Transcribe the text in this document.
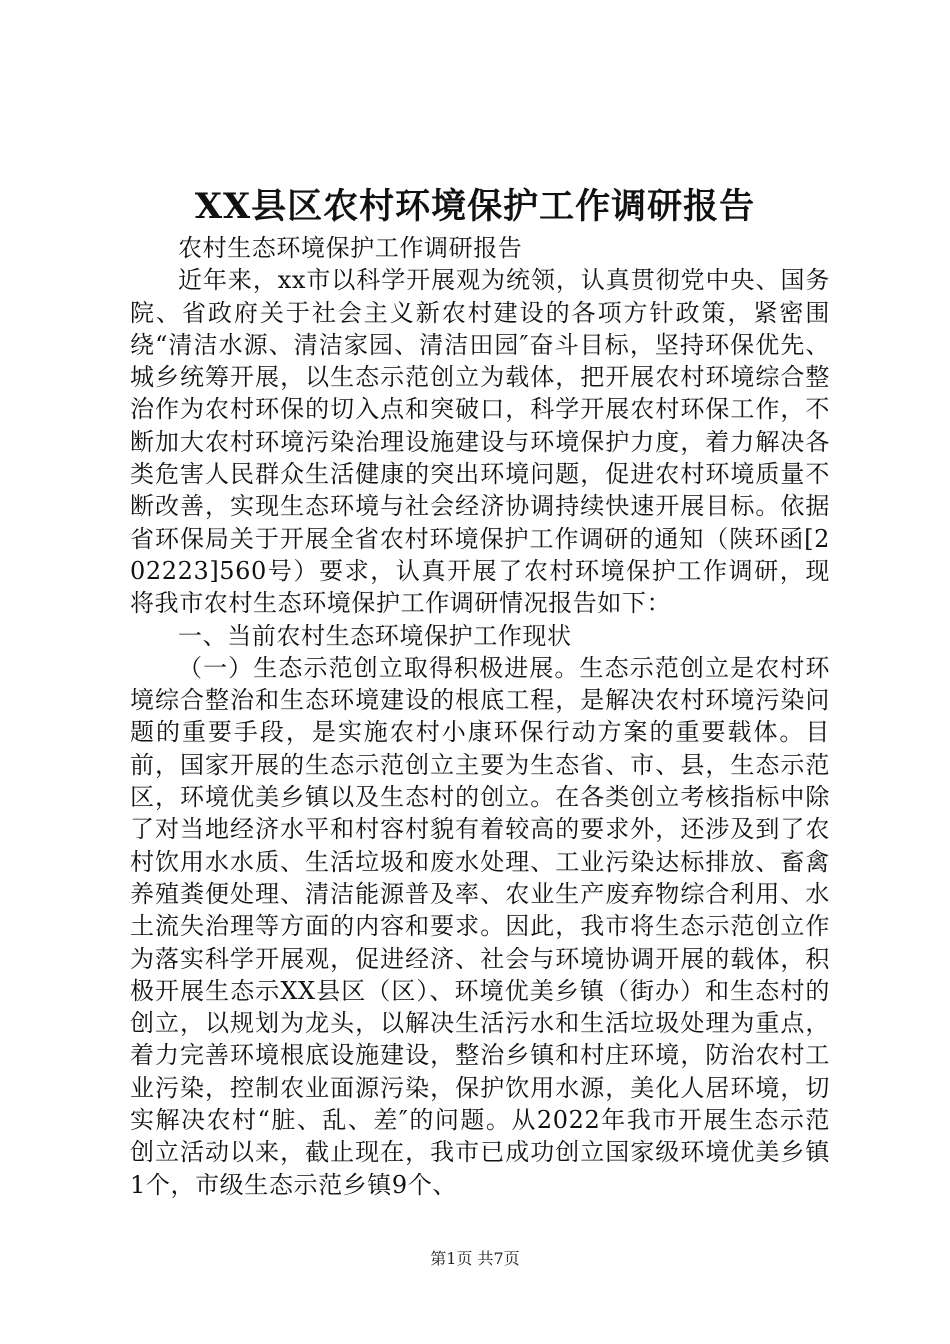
XX县区农村环境保护工作调研报告

农村生态环境保护工作调研报告

近年来，xx市以科学开展观为统领，认真贯彻党中央、国务院、省政府关于社会主义新农村建设的各项方针政策，紧密围绕“清洁水源、清洁家园、清洁田园″奋斗目标，坚持环保优先、城乡统筹开展，以生态示范创立为载体，把开展农村环境综合整治作为农村环保的切入点和突破口，科学开展农村环保工作，不断加大农村环境污染治理设施建设与环境保护力度，着力解决各类危害人民群众生活健康的突出环境问题，促进农村环境质量不断改善，实现生态环境与社会经济协调持续快速开展目标。依据省环保局关于开展全省农村环境保护工作调研的通知（陕环函[202223]560号）要求，认真开展了农村环境保护工作调研，现将我市农村生态环境保护工作调研情况报告如下：

一、当前农村生态环境保护工作现状

（一）生态示范创立取得积极进展。生态示范创立是农村环境综合整治和生态环境建设的根底工程，是解决农村环境污染问题的重要手段，是实施农村小康环保行动方案的重要载体。目前，国家开展的生态示范创立主要为生态省、市、县，生态示范区，环境优美乡镇以及生态村的创立。在各类创立考核指标中除了对当地经济水平和村容村貌有着较高的要求外，还涉及到了农村饮用水水质、生活垃圾和废水处理、工业污染达标排放、畜禽养殖粪便处理、清洁能源普及率、农业生产废弃物综合利用、水土流失治理等方面的内容和要求。因此，我市将生态示范创立作为落实科学开展观，促进经济、社会与环境协调开展的载体，积极开展生态示XX县区（区）、环境优美乡镇（街办）和生态村的创立，以规划为龙头，以解决生活污水和生活垃圾处理为重点，着力完善环境根底设施建设，整治乡镇和村庄环境，防治农村工业污染，控制农业面源污染，保护饮用水源，美化人居环境，切实解决农村“脏、乱、差″的问题。从2022年我市开展生态示范创立活动以来，截止现在，我市已成功创立国家级环境优美乡镇1个，市级生态示范乡镇9个、

第1页 共7页
